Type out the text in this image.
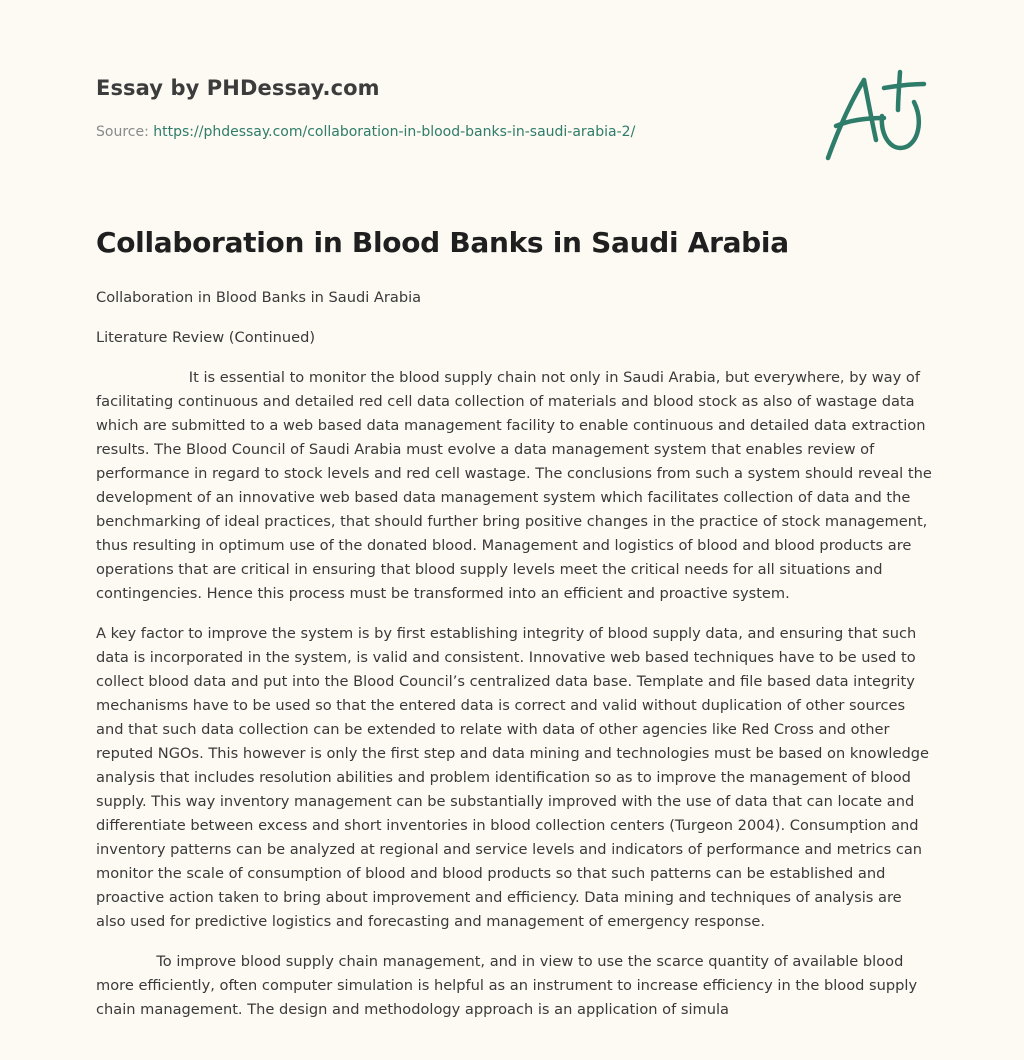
Essay by PHDessay.com
Source: https://phdessay.com/collaboration-in-blood-banks-in-saudi-arabia-2/
Collaboration in Blood Banks in Saudi Arabia

Collaboration in Blood Banks in Saudi Arabia

Literature Review (Continued)

It is essential to monitor the blood supply chain not only in Saudi Arabia, but everywhere, by way of facilitating continuous and detailed red cell data collection of materials and blood stock as also of wastage data which are submitted to a web based data management facility to enable continuous and detailed data extraction results. The Blood Council of Saudi Arabia must evolve a data management system that enables review of performance in regard to stock levels and red cell wastage. The conclusions from such a system should reveal the development of an innovative web based data management system which facilitates collection of data and the benchmarking of ideal practices, that should further bring positive changes in the practice of stock management, thus resulting in optimum use of the donated blood. Management and logistics of blood and blood products are operations that are critical in ensuring that blood supply levels meet the critical needs for all situations and contingencies. Hence this process must be transformed into an efficient and proactive system.

A key factor to improve the system is by first establishing integrity of blood supply data, and ensuring that such data is incorporated in the system, is valid and consistent. Innovative web based techniques have to be used to collect blood data and put into the Blood Council’s centralized data base. Template and file based data integrity mechanisms have to be used so that the entered data is correct and valid without duplication of other sources and that such data collection can be extended to relate with data of other agencies like Red Cross and other reputed NGOs. This however is only the first step and data mining and technologies must be based on knowledge analysis that includes resolution abilities and problem identification so as to improve the management of blood supply. This way inventory management can be substantially improved with the use of data that can locate and differentiate between excess and short inventories in blood collection centers (Turgeon 2004). Consumption and inventory patterns can be analyzed at regional and service levels and indicators of performance and metrics can monitor the scale of consumption of blood and blood products so that such patterns can be established and proactive action taken to bring about improvement and efficiency. Data mining and techniques of analysis are also used for predictive logistics and forecasting and management of emergency response.

To improve blood supply chain management, and in view to use the scarce quantity of available blood more efficiently, often computer simulation is helpful as an instrument to increase efficiency in the blood supply chain management. The design and methodology approach is an application of simula
